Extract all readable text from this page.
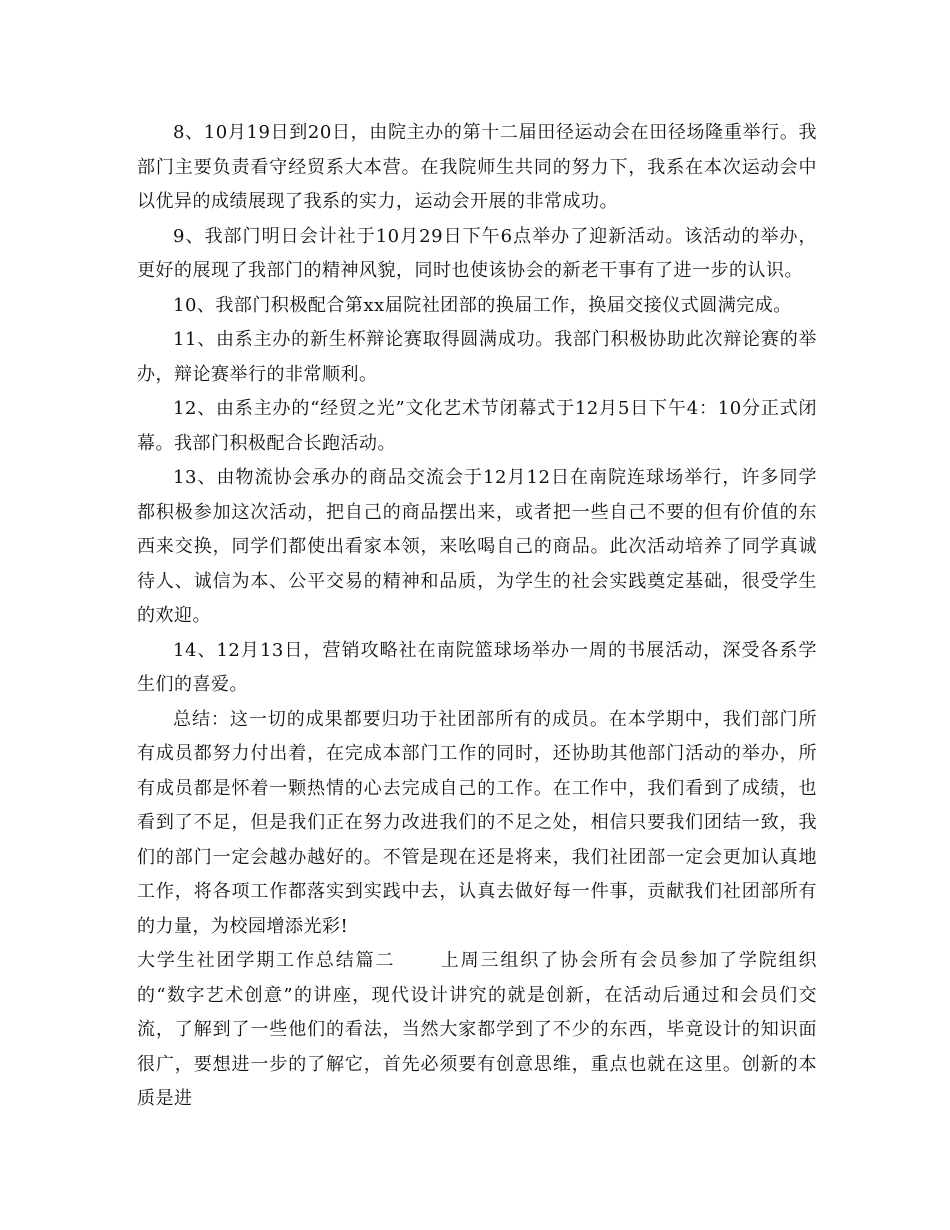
8、10月19日到20日，由院主办的第十二届田径运动会在田径场隆重举行。我部门主要负责看守经贸系大本营。在我院师生共同的努力下，我系在本次运动会中以优异的成绩展现了我系的实力，运动会开展的非常成功。

9、我部门明日会计社于10月29日下午6点举办了迎新活动。该活动的举办，更好的展现了我部门的精神风貌，同时也使该协会的新老干事有了进一步的认识。

10、我部门积极配合第xx届院社团部的换届工作，换届交接仪式圆满完成。

11、由系主办的新生杯辩论赛取得圆满成功。我部门积极协助此次辩论赛的举办，辩论赛举行的非常顺利。

12、由系主办的“经贸之光”文化艺术节闭幕式于12月5日下午4：10分正式闭幕。我部门积极配合长跑活动。

13、由物流协会承办的商品交流会于12月12日在南院连球场举行，许多同学都积极参加这次活动，把自己的商品摆出来，或者把一些自己不要的但有价值的东西来交换，同学们都使出看家本领，来吆喝自己的商品。此次活动培养了同学真诚待人、诚信为本、公平交易的精神和品质，为学生的社会实践奠定基础，很受学生的欢迎。

14、12月13日，营销攻略社在南院篮球场举办一周的书展活动，深受各系学生们的喜爱。

总结：这一切的成果都要归功于社团部所有的成员。在本学期中，我们部门所有成员都努力付出着，在完成本部门工作的同时，还协助其他部门活动的举办，所有成员都是怀着一颗热情的心去完成自己的工作。在工作中，我们看到了成绩，也看到了不足，但是我们正在努力改进我们的不足之处，相信只要我们团结一致，我们的部门一定会越办越好的。不管是现在还是将来，我们社团部一定会更加认真地工作，将各项工作都落实到实践中去，认真去做好每一件事，贡献我们社团部所有的力量，为校园增添光彩!

大学生社团学期工作总结篇二 上周三组织了协会所有会员参加了学院组织的“数字艺术创意”的讲座，现代设计讲究的就是创新，在活动后通过和会员们交流，了解到了一些他们的看法，当然大家都学到了不少的东西，毕竟设计的知识面很广，要想进一步的了解它，首先必须要有创意思维，重点也就在这里。创新的本质是进
